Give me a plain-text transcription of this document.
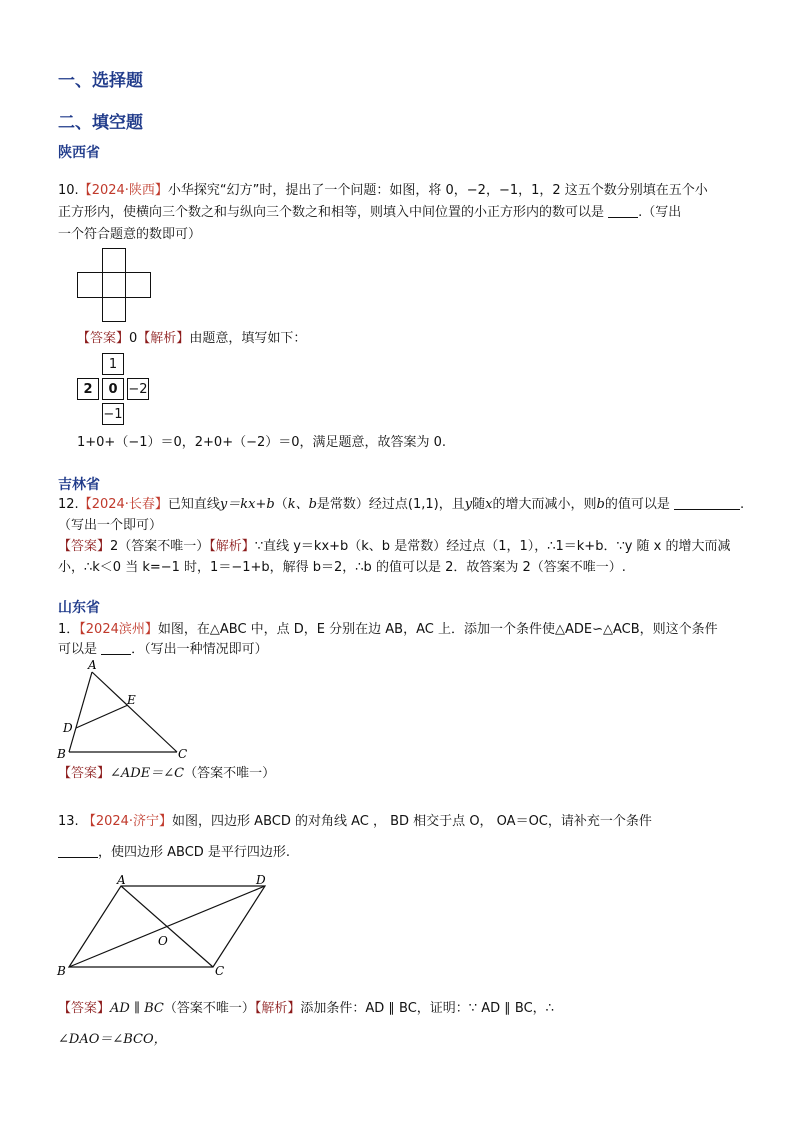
一、选择题
二、填空题
陕西省
10.【2024·陕西】小华探究“幻方”时，提出了一个问题：如图，将 0，−2，−1，1，2 这五个数分别填在五个小
正方形内，使横向三个数之和与纵向三个数之和相等，则填入中间位置的小正方形内的数可以是	.（写出
一个符合题意的数即可）
【答案】0【解析】由题意，填写如下：
1
2	0 −2
−1
1+0+（−1）＝0，2+0+（−2）＝0，满足题意，故答案为 0.
吉林省
12.【2024·长春】已知直线y＝kx+b（k、b是常数）经过点(1,1)，且y随x的增大而减小，则b的值可以是	.
（写出一个即可）
【答案】2（答案不唯一）【解析】∵直线 y＝kx+b（k、b 是常数）经过点（1，1），∴1＝k+b．∵y 随 x 的增大而减
小，∴k＜0 当 k=−1 时，1＝−1+b，解得 b＝2，∴b 的值可以是 2．故答案为 2（答案不唯一）.
山东省
1．【2024滨州】如图，在△ABC 中，点 D，E 分别在边 AB，AC 上．添加一个条件使△ADE∽△ACB，则这个条件
可以是	．（写出一种情况即可）
A
B	C
D
E
【答案】∠ADE＝∠C（答案不唯一）
13. 【2024·济宁】如图，四边形 ABCD 的对角线 AC ， BD 相交于点 O， OA＝OC，请补充一个条件
，使四边形 ABCD 是平行四边形.
A	D
B	C
O
【答案】AD ∥ BC（答案不唯一）【解析】添加条件：AD ∥ BC，证明：∵ AD ∥ BC，∴
∠DAO＝∠BCO，
